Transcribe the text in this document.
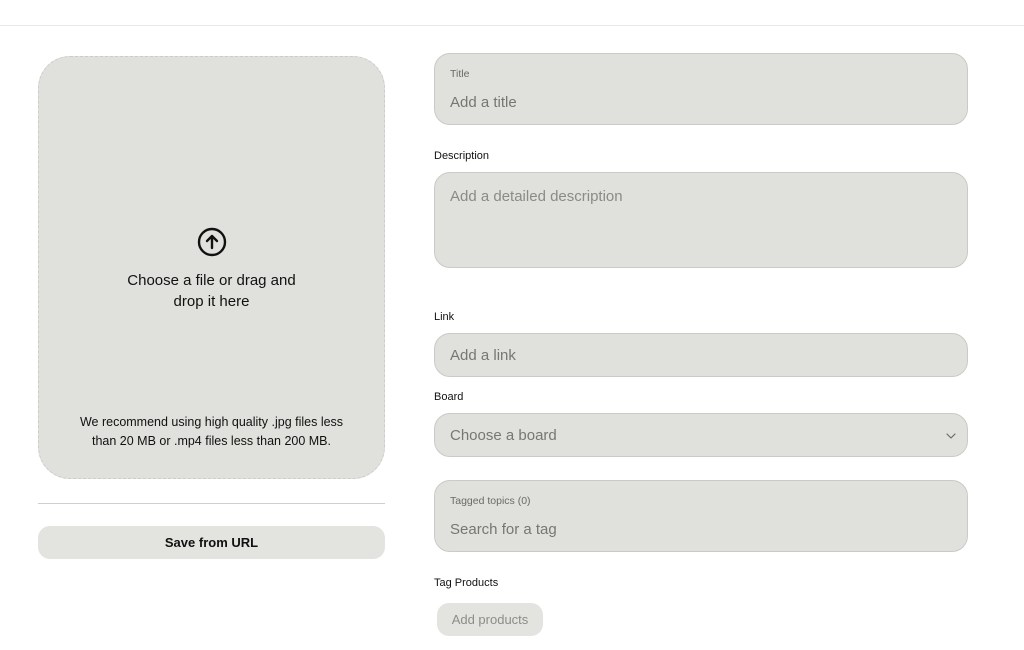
Choose a file or drag and
drop it here
We recommend using high quality .jpg files less
than 20 MB or .mp4 files less than 200 MB.
Save from URL
Title
Add a title
Description
Add a detailed description
Link
Add a link
Board
Choose a board
Tagged topics (0)
Search for a tag
Tag Products
Add products
